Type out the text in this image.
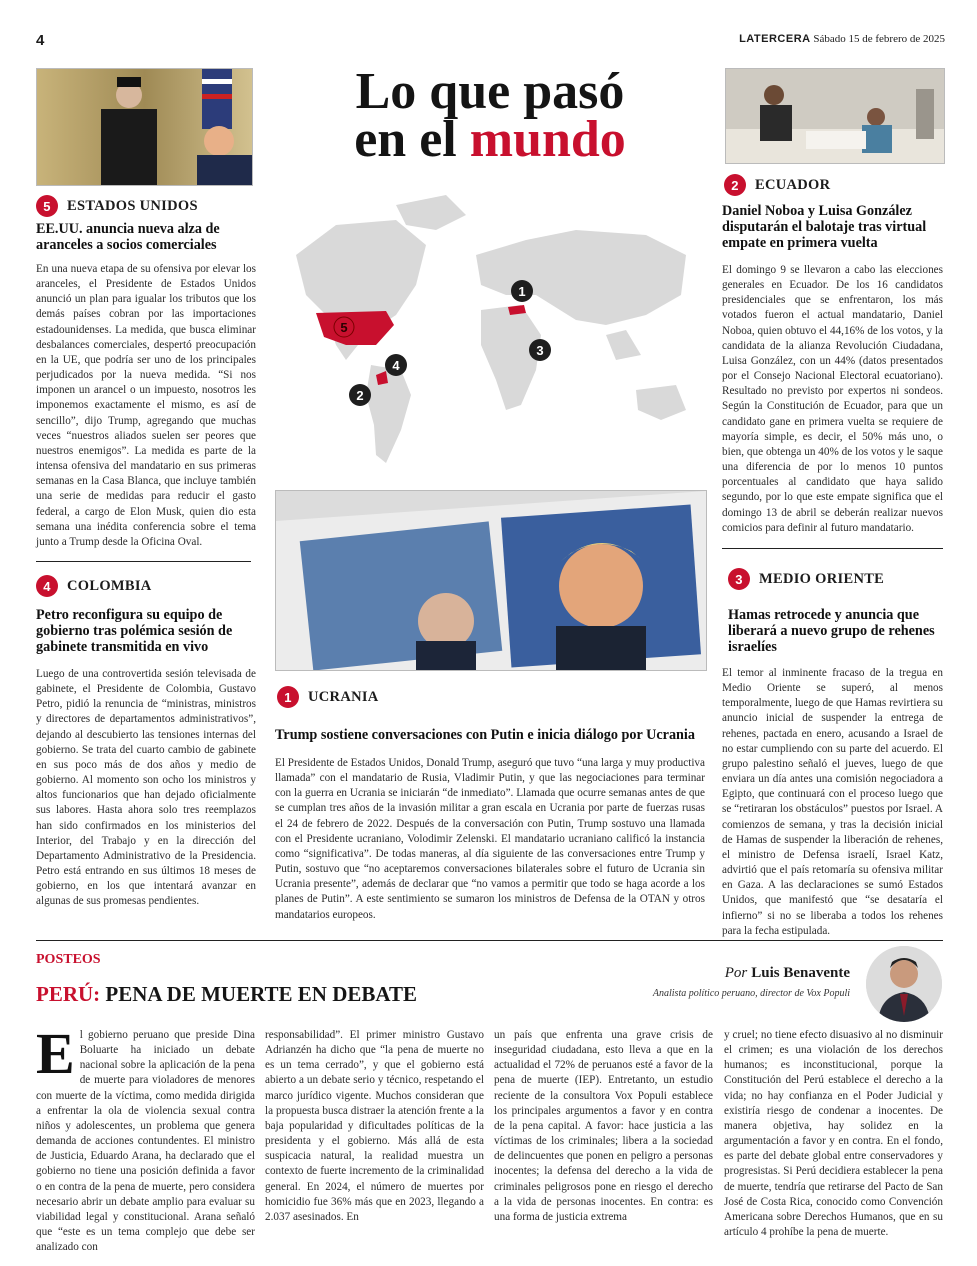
4	LATERCERA Sábado 15 de febrero de 2025
Lo que pasó
en el mundo
1
2
3
4
5
5	ESTADOS UNIDOS
EE.UU. anuncia nueva alza de aranceles a socios comerciales
En una nueva etapa de su ofensiva por elevar los aranceles, el Presidente de Estados Unidos anunció un plan para igualar los tributos que los demás países cobran por las importaciones estadounidenses. La medida, que busca eliminar desbalances comerciales, despertó preocupación en la UE, que podría ser uno de los principales perjudicados por la nueva medida. “Si nos imponen un arancel o un impuesto, nosotros les imponemos exactamente el mismo, es así de sencillo”, dijo Trump, agregando que muchas veces “nuestros aliados suelen ser peores que nuestros enemigos”. La medida es parte de la intensa ofensiva del mandatario en sus primeras semanas en la Casa Blanca, que incluye también una serie de medidas para reducir el gasto federal, a cargo de Elon Musk, quien dio esta semana una inédita conferencia sobre el tema junto a Trump desde la Oficina Oval.
4	COLOMBIA
Petro reconfigura su equipo de gobierno tras polémica sesión de gabinete transmitida en vivo
Luego de una controvertida sesión televisada de gabinete, el Presidente de Colombia, Gustavo Petro, pidió la renuncia de “ministras, ministros y directores de departamentos administrativos”, dejando al descubierto las tensiones internas del gobierno. Se trata del cuarto cambio de gabinete en sus poco más de dos años y medio de gobierno. Al momento son ocho los ministros y altos funcionarios que han dejado oficialmente sus labores. Hasta ahora solo tres reemplazos han sido confirmados en los ministerios del Interior, del Trabajo y en la dirección del Departamento Administrativo de la Presidencia. Petro está entrando en sus últimos 18 meses de gobierno, en los que intentará avanzar en algunas de sus promesas pendientes.
2	ECUADOR
Daniel Noboa y Luisa González disputarán el balotaje tras virtual empate en primera vuelta
El domingo 9 se llevaron a cabo las elecciones generales en Ecuador. De los 16 candidatos presidenciales que se enfrentaron, los más votados fueron el actual mandatario, Daniel Noboa, quien obtuvo el 44,16% de los votos, y la candidata de la alianza Revolución Ciudadana, Luisa González, con un 44% (datos presentados por el Consejo Nacional Electoral ecuatoriano). Resultado no previsto por expertos ni sondeos. Según la Constitución de Ecuador, para que un candidato gane en primera vuelta se requiere de mayoría simple, es decir, el 50% más uno, o bien, que obtenga un 40% de los votos y le saque una diferencia de por lo menos 10 puntos porcentuales al candidato que haya salido segundo, por lo que este empate significa que el domingo 13 de abril se deberán realizar nuevos comicios para definir al futuro mandatario.
3	MEDIO ORIENTE
Hamas retrocede y anuncia que liberará a nuevo grupo de rehenes israelíes
El temor al inminente fracaso de la tregua en Medio Oriente se superó, al menos temporalmente, luego de que Hamas revirtiera su anuncio inicial de suspender la entrega de rehenes, pactada en enero, acusando a Israel de no estar cumpliendo con su parte del acuerdo. El grupo palestino señaló el jueves, luego de que enviara un día antes una comisión negociadora a Egipto, que continuará con el proceso luego que se “retiraran los obstáculos” puestos por Israel. A comienzos de semana, y tras la decisión inicial de Hamas de suspender la liberación de rehenes, el ministro de Defensa israelí, Israel Katz, advirtió que el país retomaría su ofensiva militar en Gaza. A las declaraciones se sumó Estados Unidos, que manifestó que “se desataría el infierno” si no se liberaba a todos los rehenes para la fecha estipulada.
1	UCRANIA
Trump sostiene conversaciones con Putin e inicia diálogo por Ucrania
El Presidente de Estados Unidos, Donald Trump, aseguró que tuvo “una larga y muy productiva llamada” con el mandatario de Rusia, Vladimir Putin, y que las negociaciones para terminar con la guerra en Ucrania se iniciarán “de inmediato”. Llamada que ocurre semanas antes de que se cumplan tres años de la invasión militar a gran escala en Ucrania por parte de fuerzas rusas el 24 de febrero de 2022. Después de la conversación con Putin, Trump sostuvo una llamada con el Presidente ucraniano, Volodimir Zelenski. El mandatario ucraniano calificó la instancia como “significativa”. De todas maneras, al día siguiente de las conversaciones entre Trump y Putin, sostuvo que “no aceptaremos conversaciones bilaterales sobre el futuro de Ucrania sin Ucrania presente”, además de declarar que “no vamos a permitir que todo se haga acorde a los planes de Putin”. A este sentimiento se sumaron los ministros de Defensa de la OTAN y otros mandatarios europeos.
POSTEOS
PERÚ: PENA DE MUERTE EN DEBATE
Por Luis Benavente
Analista político peruano, director de Vox Populi
El gobierno peruano que preside Dina Boluarte ha iniciado un debate nacional sobre la aplicación de la pena de muerte para violadores de menores con muerte de la víctima, como medida dirigida a enfrentar la ola de violencia sexual contra niños y adolescentes, un problema que genera demanda de acciones contundentes. El ministro de Justicia, Eduardo Arana, ha declarado que el gobierno no tiene una posición definida a favor o en contra de la pena de muerte, pero considera necesario abrir un debate amplio para evaluar su viabilidad legal y constitucional. Arana señaló que “este es un tema complejo que debe ser analizado con
responsabilidad”. El primer ministro Gustavo Adrianzén ha dicho que “la pena de muerte no es un tema cerrado”, y que el gobierno está abierto a un debate serio y técnico, respetando el marco jurídico vigente. Muchos consideran que la propuesta busca distraer la atención frente a la baja popularidad y dificultades políticas de la presidenta y el gobierno. Más allá de esta suspicacia natural, la realidad muestra un contexto de fuerte incremento de la criminalidad general. En 2024, el número de muertes por homicidio fue 36% más que en 2023, llegando a 2.037 asesinados. En
un país que enfrenta una grave crisis de inseguridad ciudadana, esto lleva a que en la actualidad el 72% de peruanos esté a favor de la pena de muerte (IEP). Entretanto, un estudio reciente de la consultora Vox Populi establece los principales argumentos a favor y en contra de la pena capital. A favor: hace justicia a las víctimas de los criminales; libera a la sociedad de delincuentes que ponen en peligro a personas inocentes; la defensa del derecho a la vida de criminales peligrosos pone en riesgo el derecho a la vida de personas inocentes. En contra: es una forma de justicia extrema
y cruel; no tiene efecto disuasivo al no disminuir el crimen; es una violación de los derechos humanos; es inconstitucional, porque la Constitución del Perú establece el derecho a la vida; no hay confianza en el Poder Judicial y existiría riesgo de condenar a inocentes. De manera objetiva, hay solidez en la argumentación a favor y en contra. En el fondo, es parte del debate global entre conservadores y progresistas. Si Perú decidiera establecer la pena de muerte, tendría que retirarse del Pacto de San José de Costa Rica, conocido como Convención Americana sobre Derechos Humanos, que en su artículo 4 prohíbe la pena de muerte.
